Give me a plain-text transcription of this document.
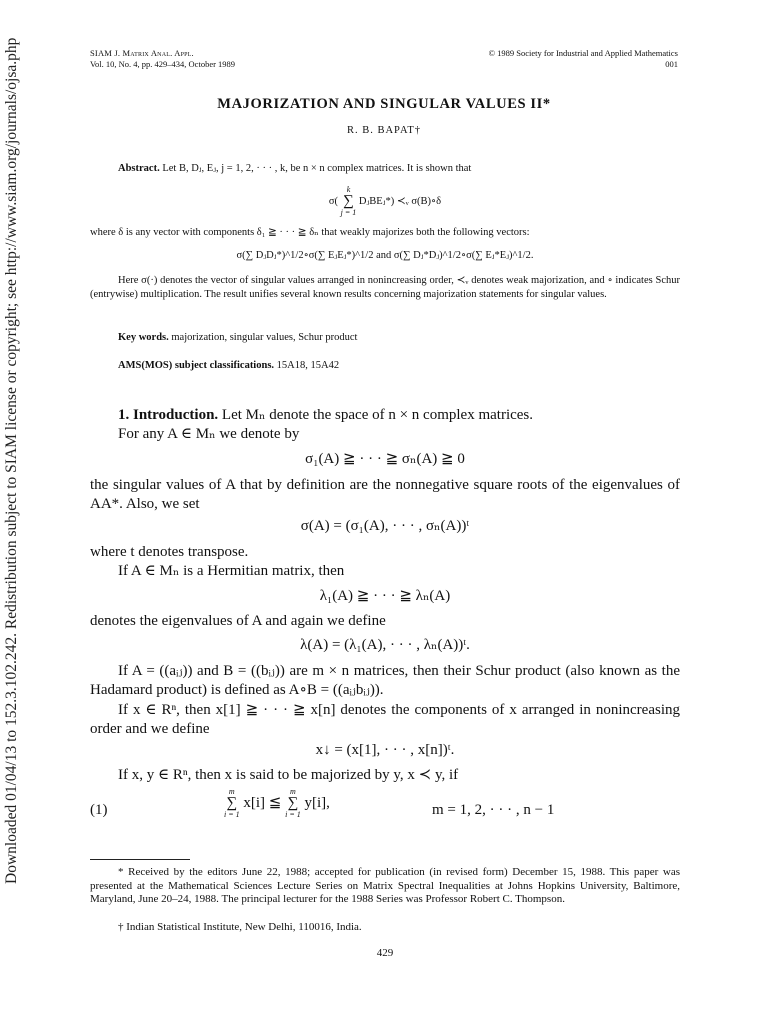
Downloaded 01/04/13 to 152.3.102.242. Redistribution subject to SIAM license or copyright; see http://www.siam.org/journals/ojsa.php	SIAM J. Matrix Anal. Appl.
Vol. 10, No. 4, pp. 429–434, October 1989
© 1989 Society for Industrial and Applied Mathematics
001
MAJORIZATION AND SINGULAR VALUES II*
R. B. BAPAT†
Abstract. Let B, Dⱼ, Eⱼ, j = 1, 2, · · · , k, be n × n complex matrices. It is shown that
σ(
k
∑
j = 1
DⱼBEⱼ*) ≺ᵥ σ(B)∘δ
where δ is any vector with components δ₁ ≧ · · · ≧ δₙ that weakly majorizes both the following vectors:
σ(∑ DⱼDⱼ*)^1/2∘σ(∑ EⱼEⱼ*)^1/2 and σ(∑ Dⱼ*Dⱼ)^1/2∘σ(∑ Eⱼ*Eⱼ)^1/2.
Here σ(·) denotes the vector of singular values arranged in nonincreasing order, ≺ᵥ denotes weak majorization, and ∘ indicates Schur (entrywise) multiplication. The result unifies several known results concerning majorization statements for singular values.
Key words. majorization, singular values, Schur product
AMS(MOS) subject classifications. 15A18, 15A42
1. Introduction. Let Mₙ denote the space of n × n complex matrices.
For any A ∈ Mₙ we denote by
σ₁(A) ≧ · · · ≧ σₙ(A) ≧ 0
the singular values of A that by definition are the nonnegative square roots of the eigenvalues of AA*. Also, we set
σ(A) = (σ₁(A), · · · , σₙ(A))ᵗ
where t denotes transpose.
If A ∈ Mₙ is a Hermitian matrix, then
λ₁(A) ≧ · · · ≧ λₙ(A)
denotes the eigenvalues of A and again we define
λ(A) = (λ₁(A), · · · , λₙ(A))ᵗ.
If A = ((aᵢⱼ)) and B = ((bᵢⱼ)) are m × n matrices, then their Schur product (also known as the Hadamard product) is defined as A∘B = ((aᵢⱼbᵢⱼ)).
If x ∈ Rⁿ, then x[1] ≧ · · · ≧ x[n] denotes the components of x arranged in nonincreasing order and we define
x↓ = (x[1], · · · , x[n])ᵗ.
If x, y ∈ Rⁿ, then x is said to be majorized by y, x ≺ y, if
(1)
m
∑
i = 1
x[i] ≦
m
∑
i = 1
y[i],	m = 1, 2, · · · , n − 1
* Received by the editors June 22, 1988; accepted for publication (in revised form) December 15, 1988. This paper was presented at the Mathematical Sciences Lecture Series on Matrix Spectral Inequalities at Johns Hopkins University, Baltimore, Maryland, June 20–24, 1988. The principal lecturer for the 1988 Series was Professor Robert C. Thompson.
† Indian Statistical Institute, New Delhi, 110016, India.
429
